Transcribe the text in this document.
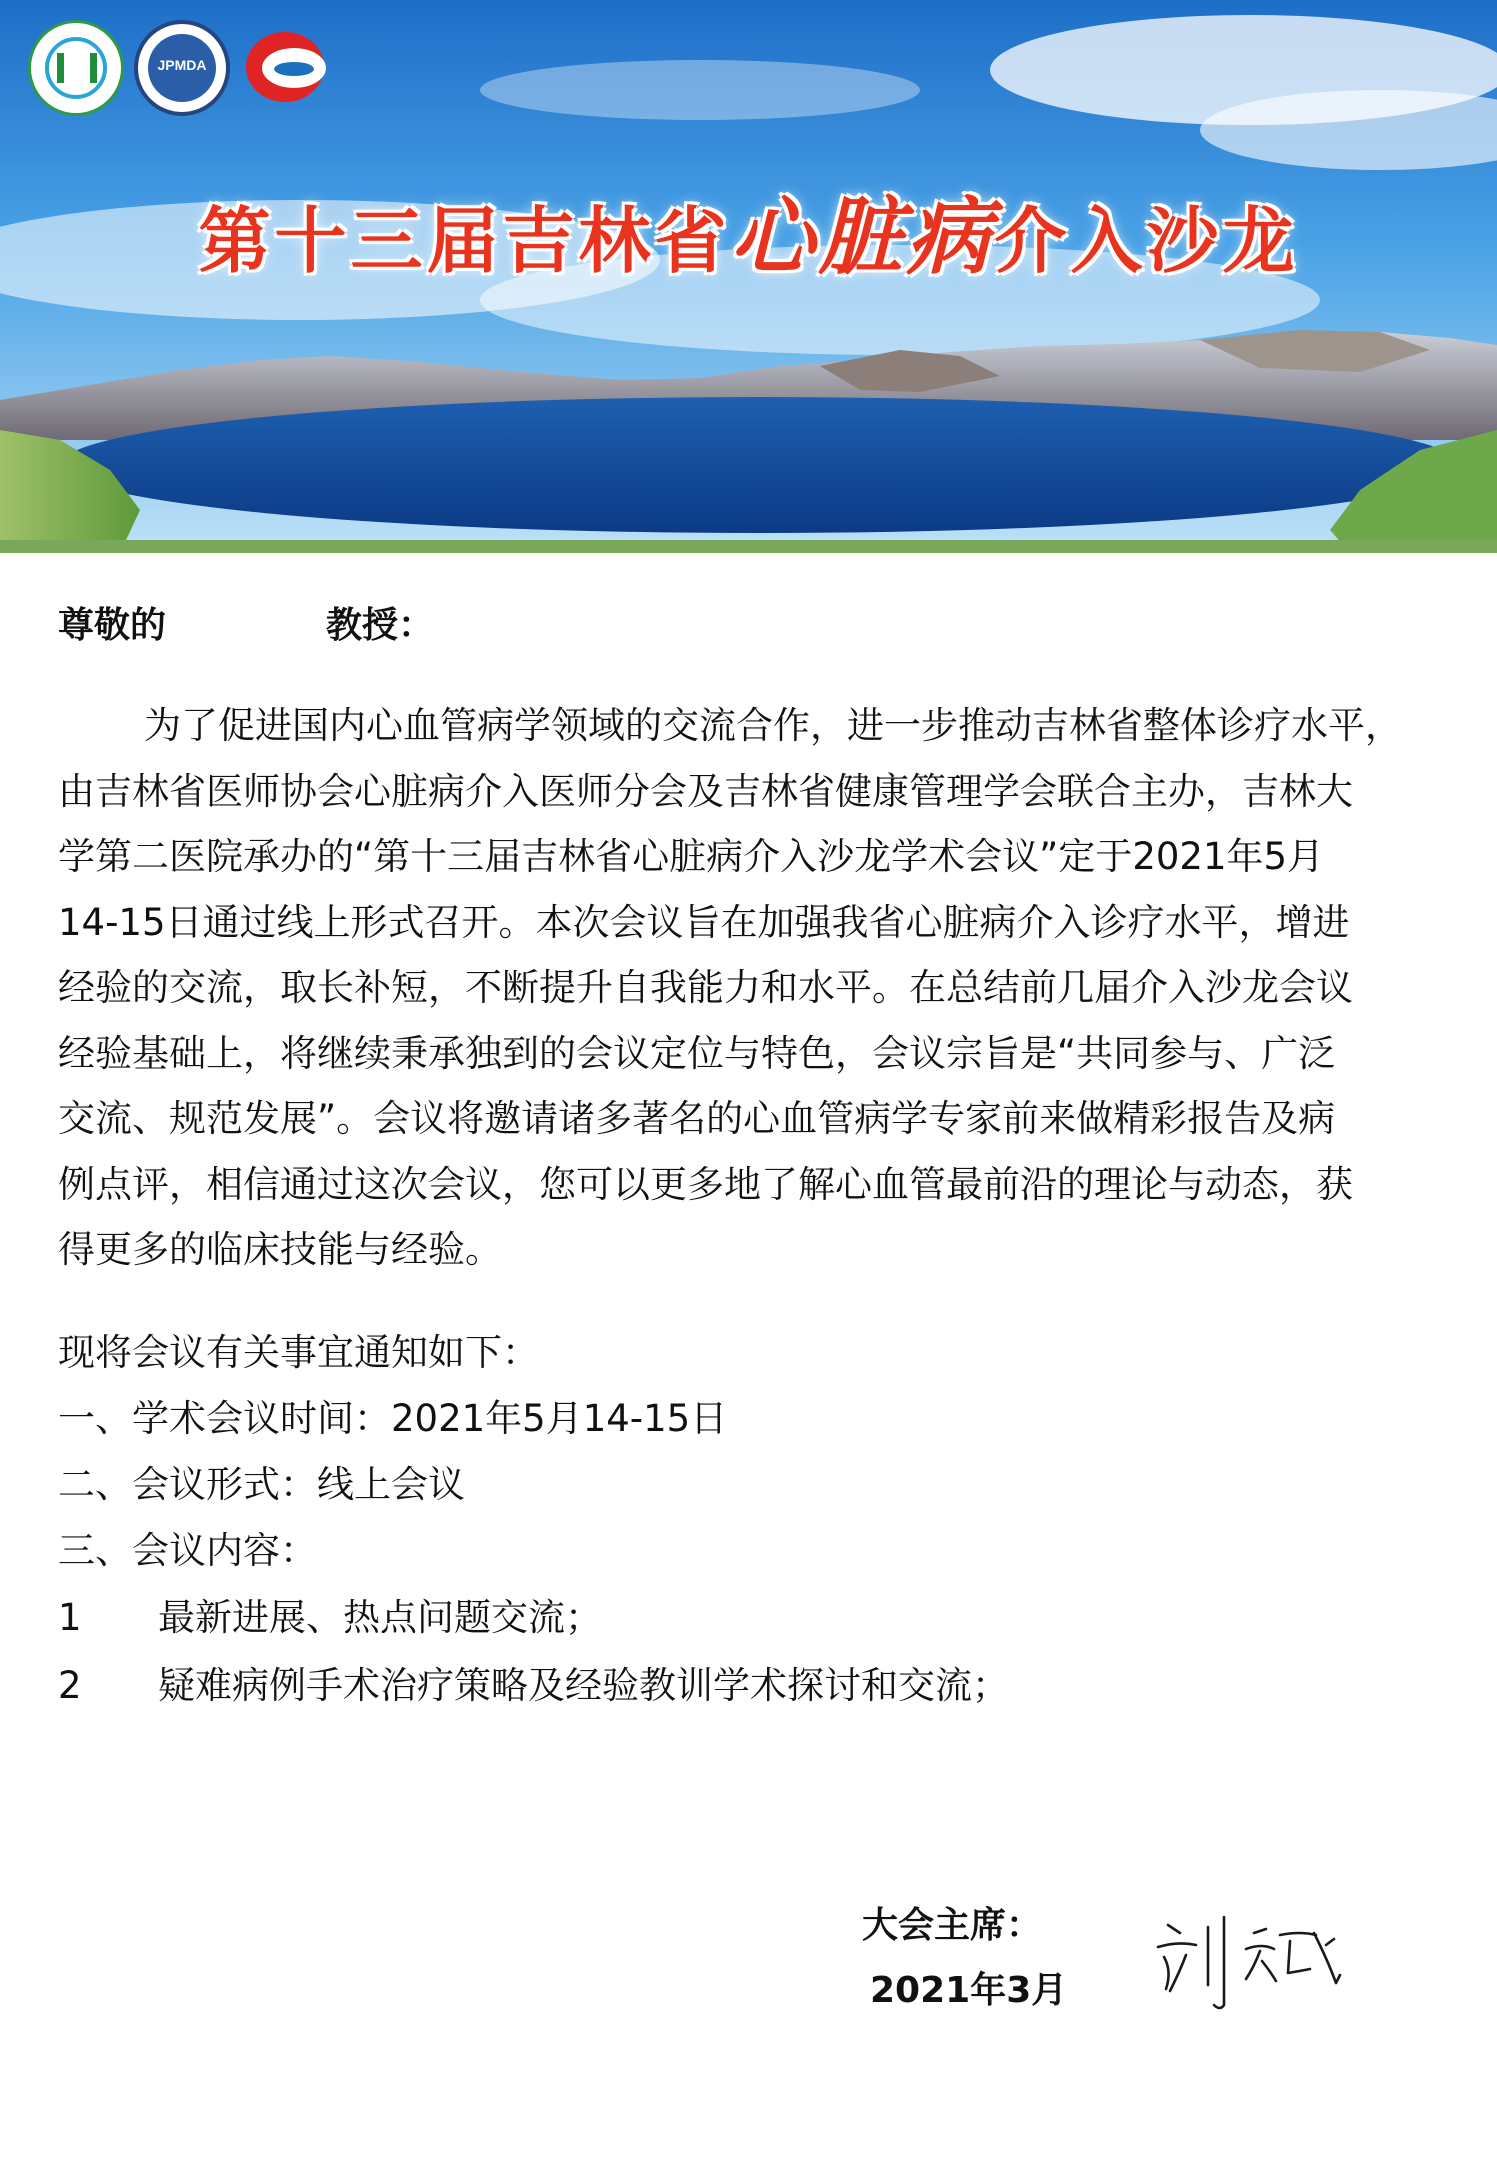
JPMDA
第十三届吉林省心脏病介入沙龙
尊敬的	教授：
为了促进国内心血管病学领域的交流合作，进一步推动吉林省整体诊疗水平，
由吉林省医师协会心脏病介入医师分会及吉林省健康管理学会联合主办，吉林大
学第二医院承办的“第十三届吉林省心脏病介入沙龙学术会议”定于2021年5月
14-15日通过线上形式召开。本次会议旨在加强我省心脏病介入诊疗水平，增进
经验的交流，取长补短，不断提升自我能力和水平。在总结前几届介入沙龙会议
经验基础上，将继续秉承独到的会议定位与特色，会议宗旨是“共同参与、广泛
交流、规范发展”。会议将邀请诸多著名的心血管病学专家前来做精彩报告及病
例点评，相信通过这次会议，您可以更多地了解心血管最前沿的理论与动态，获
得更多的临床技能与经验。
现将会议有关事宜通知如下：
一、学术会议时间：2021年5月14-15日
二、会议形式：线上会议
三、会议内容：
1 最新进展、热点问题交流；
2 疑难病例手术治疗策略及经验教训学术探讨和交流；
大会主席：
2021年3月
